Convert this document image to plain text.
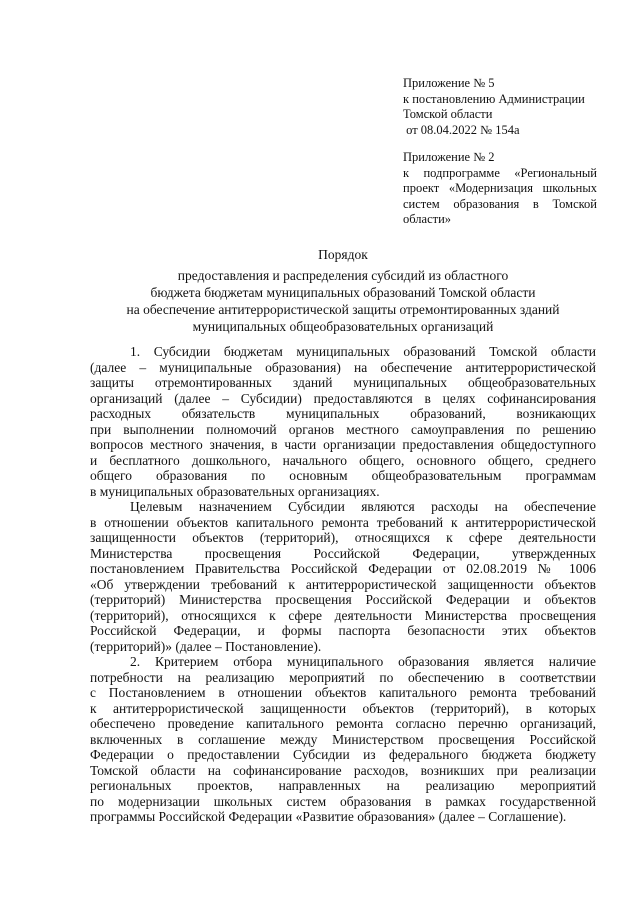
Приложение № 5
к постановлению Администрации
Томской области
от 08.04.2022 № 154а
Приложение № 2
к подпрограмме «Региональный
проект «Модернизация школьных
систем образования в Томской
области»
Порядок
предоставления и распределения субсидий из областного
бюджета бюджетам муниципальных образований Томской области
на обеспечение антитеррористической защиты отремонтированных зданий
муниципальных общеобразовательных организаций
1. Субсидии бюджетам муниципальных образований Томской области
(далее – муниципальные образования) на обеспечение антитеррористической
защиты отремонтированных зданий муниципальных общеобразовательных
организаций (далее – Субсидии) предоставляются в целях софинансирования
расходных обязательств муниципальных образований, возникающих
при выполнении полномочий органов местного самоуправления по решению
вопросов местного значения, в части организации предоставления общедоступного
и бесплатного дошкольного, начального общего, основного общего, среднего
общего образования по основным общеобразовательным программам
в муниципальных образовательных организациях.
Целевым назначением Субсидии являются расходы на обеспечение
в отношении объектов капитального ремонта требований к антитеррористической
защищенности объектов (территорий), относящихся к сфере деятельности
Министерства просвещения Российской Федерации, утвержденных
постановлением Правительства Российской Федерации от 02.08.2019 № 1006
«Об утверждении требований к антитеррористической защищенности объектов
(территорий) Министерства просвещения Российской Федерации и объектов
(территорий), относящихся к сфере деятельности Министерства просвещения
Российской Федерации, и формы паспорта безопасности этих объектов
(территорий)» (далее – Постановление).
2. Критерием отбора муниципального образования является наличие
потребности на реализацию мероприятий по обеспечению в соответствии
с Постановлением в отношении объектов капитального ремонта требований
к антитеррористической защищенности объектов (территорий), в которых
обеспечено проведение капитального ремонта согласно перечню организаций,
включенных в соглашение между Министерством просвещения Российской
Федерации о предоставлении Субсидии из федерального бюджета бюджету
Томской области на софинансирование расходов, возникших при реализации
региональных проектов, направленных на реализацию мероприятий
по модернизации школьных систем образования в рамках государственной
программы Российской Федерации «Развитие образования» (далее – Соглашение).
